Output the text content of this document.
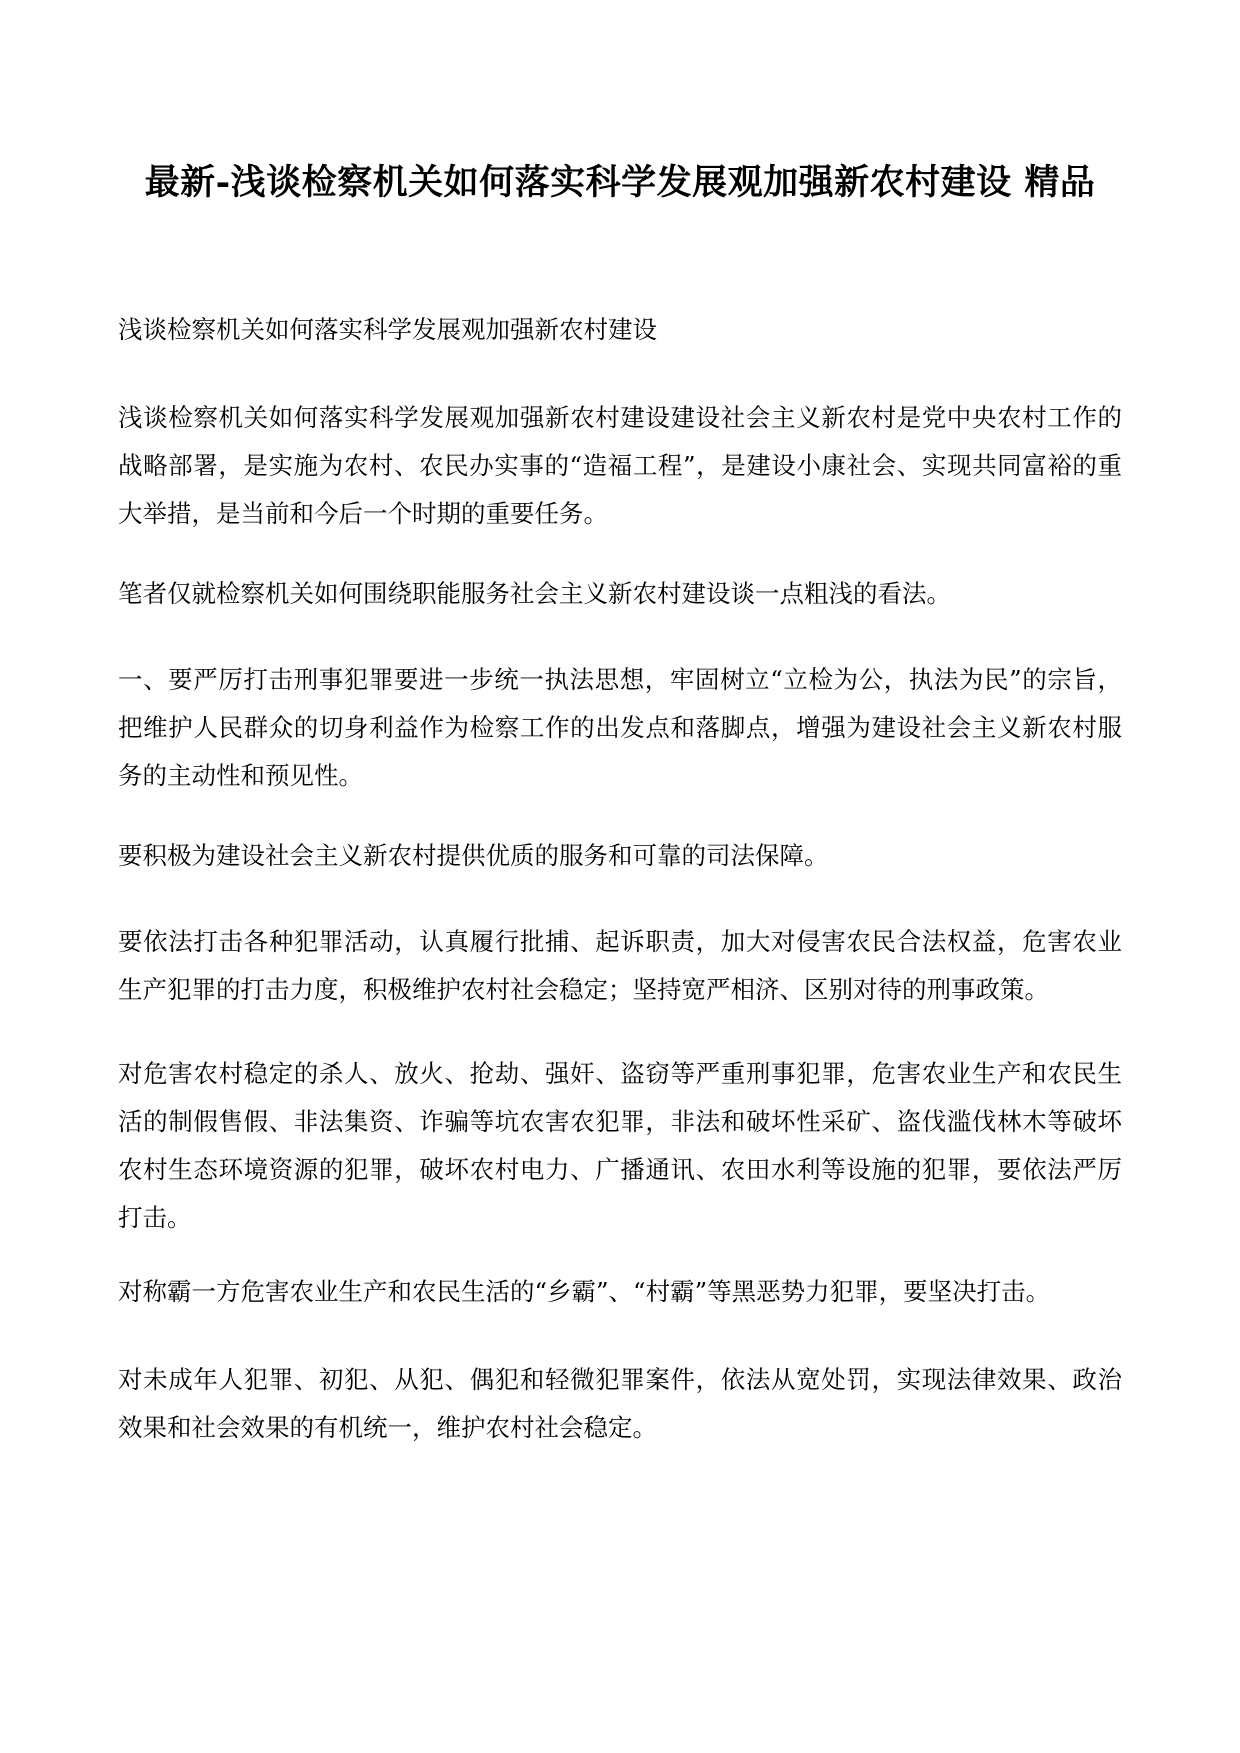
最新-浅谈检察机关如何落实科学发展观加强新农村建设 精品

浅谈检察机关如何落实科学发展观加强新农村建设

浅谈检察机关如何落实科学发展观加强新农村建设建设社会主义新农村是党中央农村工作的战略部署，是实施为农村、农民办实事的“造福工程”，是建设小康社会、实现共同富裕的重大举措，是当前和今后一个时期的重要任务。

笔者仅就检察机关如何围绕职能服务社会主义新农村建设谈一点粗浅的看法。

一、要严厉打击刑事犯罪要进一步统一执法思想，牢固树立“立检为公，执法为民”的宗旨，把维护人民群众的切身利益作为检察工作的出发点和落脚点，增强为建设社会主义新农村服务的主动性和预见性。

要积极为建设社会主义新农村提供优质的服务和可靠的司法保障。

要依法打击各种犯罪活动，认真履行批捕、起诉职责，加大对侵害农民合法权益，危害农业生产犯罪的打击力度，积极维护农村社会稳定；坚持宽严相济、区别对待的刑事政策。

对危害农村稳定的杀人、放火、抢劫、强奸、盗窃等严重刑事犯罪，危害农业生产和农民生活的制假售假、非法集资、诈骗等坑农害农犯罪，非法和破坏性采矿、盗伐滥伐林木等破坏农村生态环境资源的犯罪，破坏农村电力、广播通讯、农田水利等设施的犯罪，要依法严厉打击。

对称霸一方危害农业生产和农民生活的“乡霸”、“村霸”等黑恶势力犯罪，要坚决打击。

对未成年人犯罪、初犯、从犯、偶犯和轻微犯罪案件，依法从宽处罚，实现法律效果、政治效果和社会效果的有机统一，维护农村社会稳定。
